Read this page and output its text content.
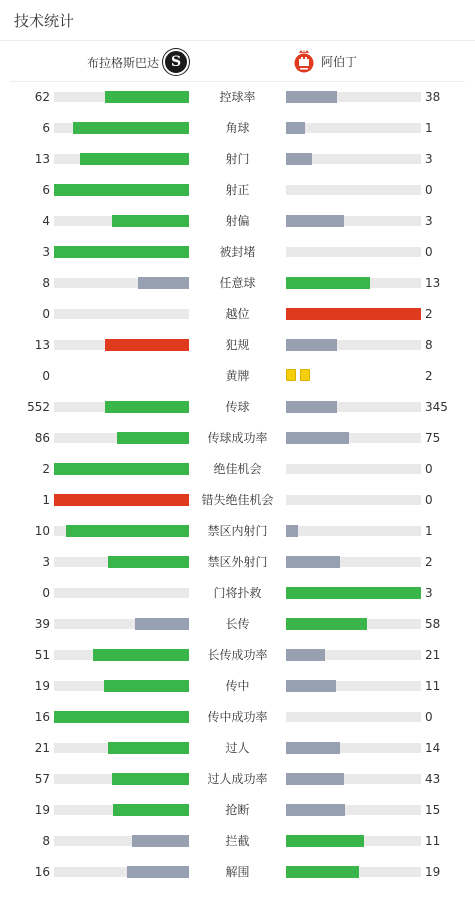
技术统计
布拉格斯巴达 S	阿伯丁
62	控球率	38
6	角球	1
13	射门	3
6	射正	0
4	射偏	3
3	被封堵	0
8	任意球	13
0	越位	2
13	犯规	8
0	黄牌	2
552	传球	345
86	传球成功率	75
2	绝佳机会	0
1	错失绝佳机会	0
10	禁区内射门	1
3	禁区外射门	2
0	门将扑救	3
39	长传	58
51	长传成功率	21
19	传中	11
16	传中成功率	0
21	过人	14
57	过人成功率	43
19	抢断	15
8	拦截	11
16	解围	19
